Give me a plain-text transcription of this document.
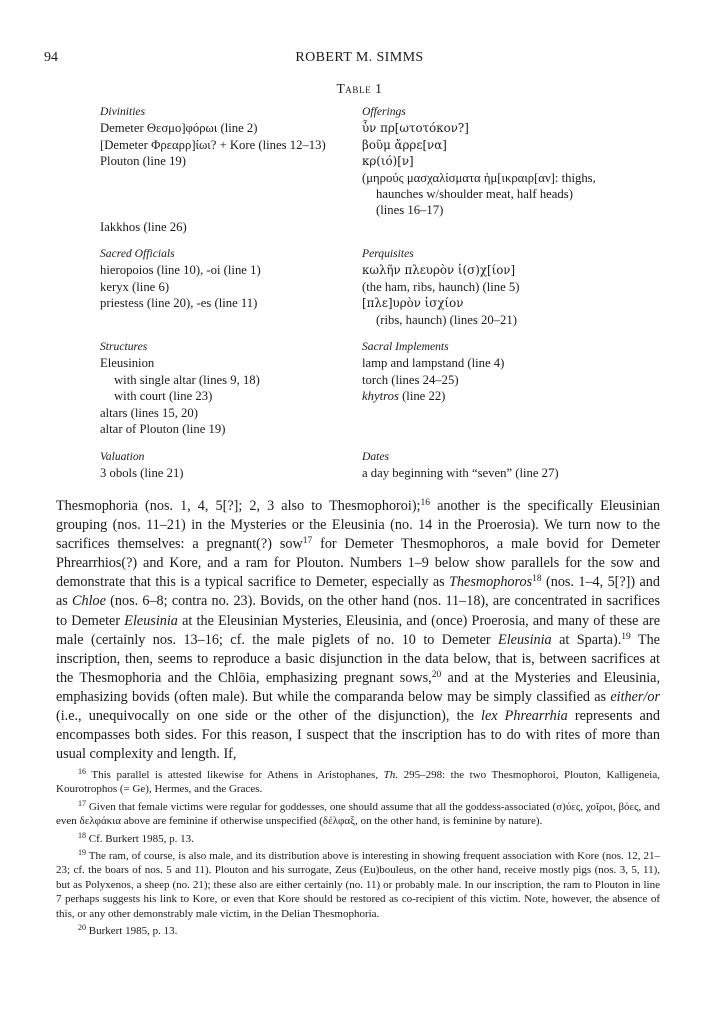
94	ROBERT M. SIMMS
Table 1
Divinities
Demeter Θεσμο]φόρωι (line 2)
[Demeter Φρεαρρ]ίωι? + Kore (lines 12–13)
Plouton (line 19)
Offerings
ὗν πρ[ωτοτόκον?]
βοῦμ ἄρρε[να]
κρ(ιό)[ν]
(μηρούς μασχαλίσματα ἡμ[ικραιρ[αν]: thighs,
haunches w/shoulder meat, half heads)
(lines 16–17)
Iakkhos (line 26)
Sacred Officials
hieropoios (line 10), -oi (line 1)
keryx (line 6)
priestess (line 20), -es (line 11)
Perquisites
κωλῆν πλευρὸν ἰ(σ)χ[ίον]
(the ham, ribs, haunch) (line 5)
[πλε]υρὸν ἰσχίον
(ribs, haunch) (lines 20–21)
Structures
Eleusinion
with single altar (lines 9, 18)
with court (line 23)
altars (lines 15, 20)
altar of Plouton (line 19)
Sacral Implements
lamp and lampstand (line 4)
torch (lines 24–25)
khytros (line 22)
Valuation
3 obols (line 21)
Dates
a day beginning with “seven” (line 27)

Thesmophoria (nos. 1, 4, 5[?]; 2, 3 also to Thesmophoroi);$^{16}$ another is the specifically Eleusinian grouping (nos. 11–21) in the Mysteries or the Eleusinia (no. 14 in the Proerosia). We turn now to the sacrifices themselves: a pregnant(?) sow$^{17}$ for Demeter Thesmophoros, a male bovid for Demeter Phrearrhios(?) and Kore, and a ram for Plouton. Numbers 1–9 below show parallels for the sow and demonstrate that this is a typical sacrifice to Demeter, especially as Thesmophoros$^{18}$ (nos. 1–4, 5[?]) and as Chloe (nos. 6–8; contra no. 23). Bovids, on the other hand (nos. 11–18), are concentrated in sacrifices to Demeter Eleusinia at the Eleusinian Mysteries, Eleusinia, and (once) Proerosia, and many of these are male (certainly nos. 13–16; cf. the male piglets of no. 10 to Demeter Eleusinia at Sparta).$^{19}$ The inscription, then, seems to reproduce a basic disjunction in the data below, that is, between sacrifices at the Thesmophoria and the Chlōia, emphasizing pregnant sows,$^{20}$ and at the Mysteries and Eleusinia, emphasizing bovids (often male). But while the comparanda below may be simply classified as either/or (i.e., unequivocally on one side or the other of the disjunction), the lex Phrearrhia represents and encompasses both sides. For this reason, I suspect that the inscription has to do with rites of more than usual complexity and length. If,

$^{16}$ This parallel is attested likewise for Athens in Aristophanes, Th. 295–298: the two Thesmophoroi, Plouton, Kalligeneia, Kourotrophos (= Ge), Hermes, and the Graces.

$^{17}$ Given that female victims were regular for goddesses, one should assume that all the goddess-associated (σ)ύες, χοῖροι, βόες, and even δελφάκια above are feminine if otherwise unspecified (δέλφαξ, on the other hand, is feminine by nature).

$^{18}$ Cf. Burkert 1985, p. 13.

$^{19}$ The ram, of course, is also male, and its distribution above is interesting in showing frequent association with Kore (nos. 12, 21–23; cf. the boars of nos. 5 and 11). Plouton and his surrogate, Zeus (Eu)bouleus, on the other hand, receive mostly pigs (nos. 3, 5, 11), but as Polyxenos, a sheep (no. 21); these also are either certainly (no. 11) or probably male. In our inscription, the ram to Plouton in line 7 perhaps suggests his link to Kore, or even that Kore should be restored as co-recipient of this victim. Note, however, the absence of this, or any other demonstrably male victim, in the Delian Thesmophoria.

$^{20}$ Burkert 1985, p. 13.
